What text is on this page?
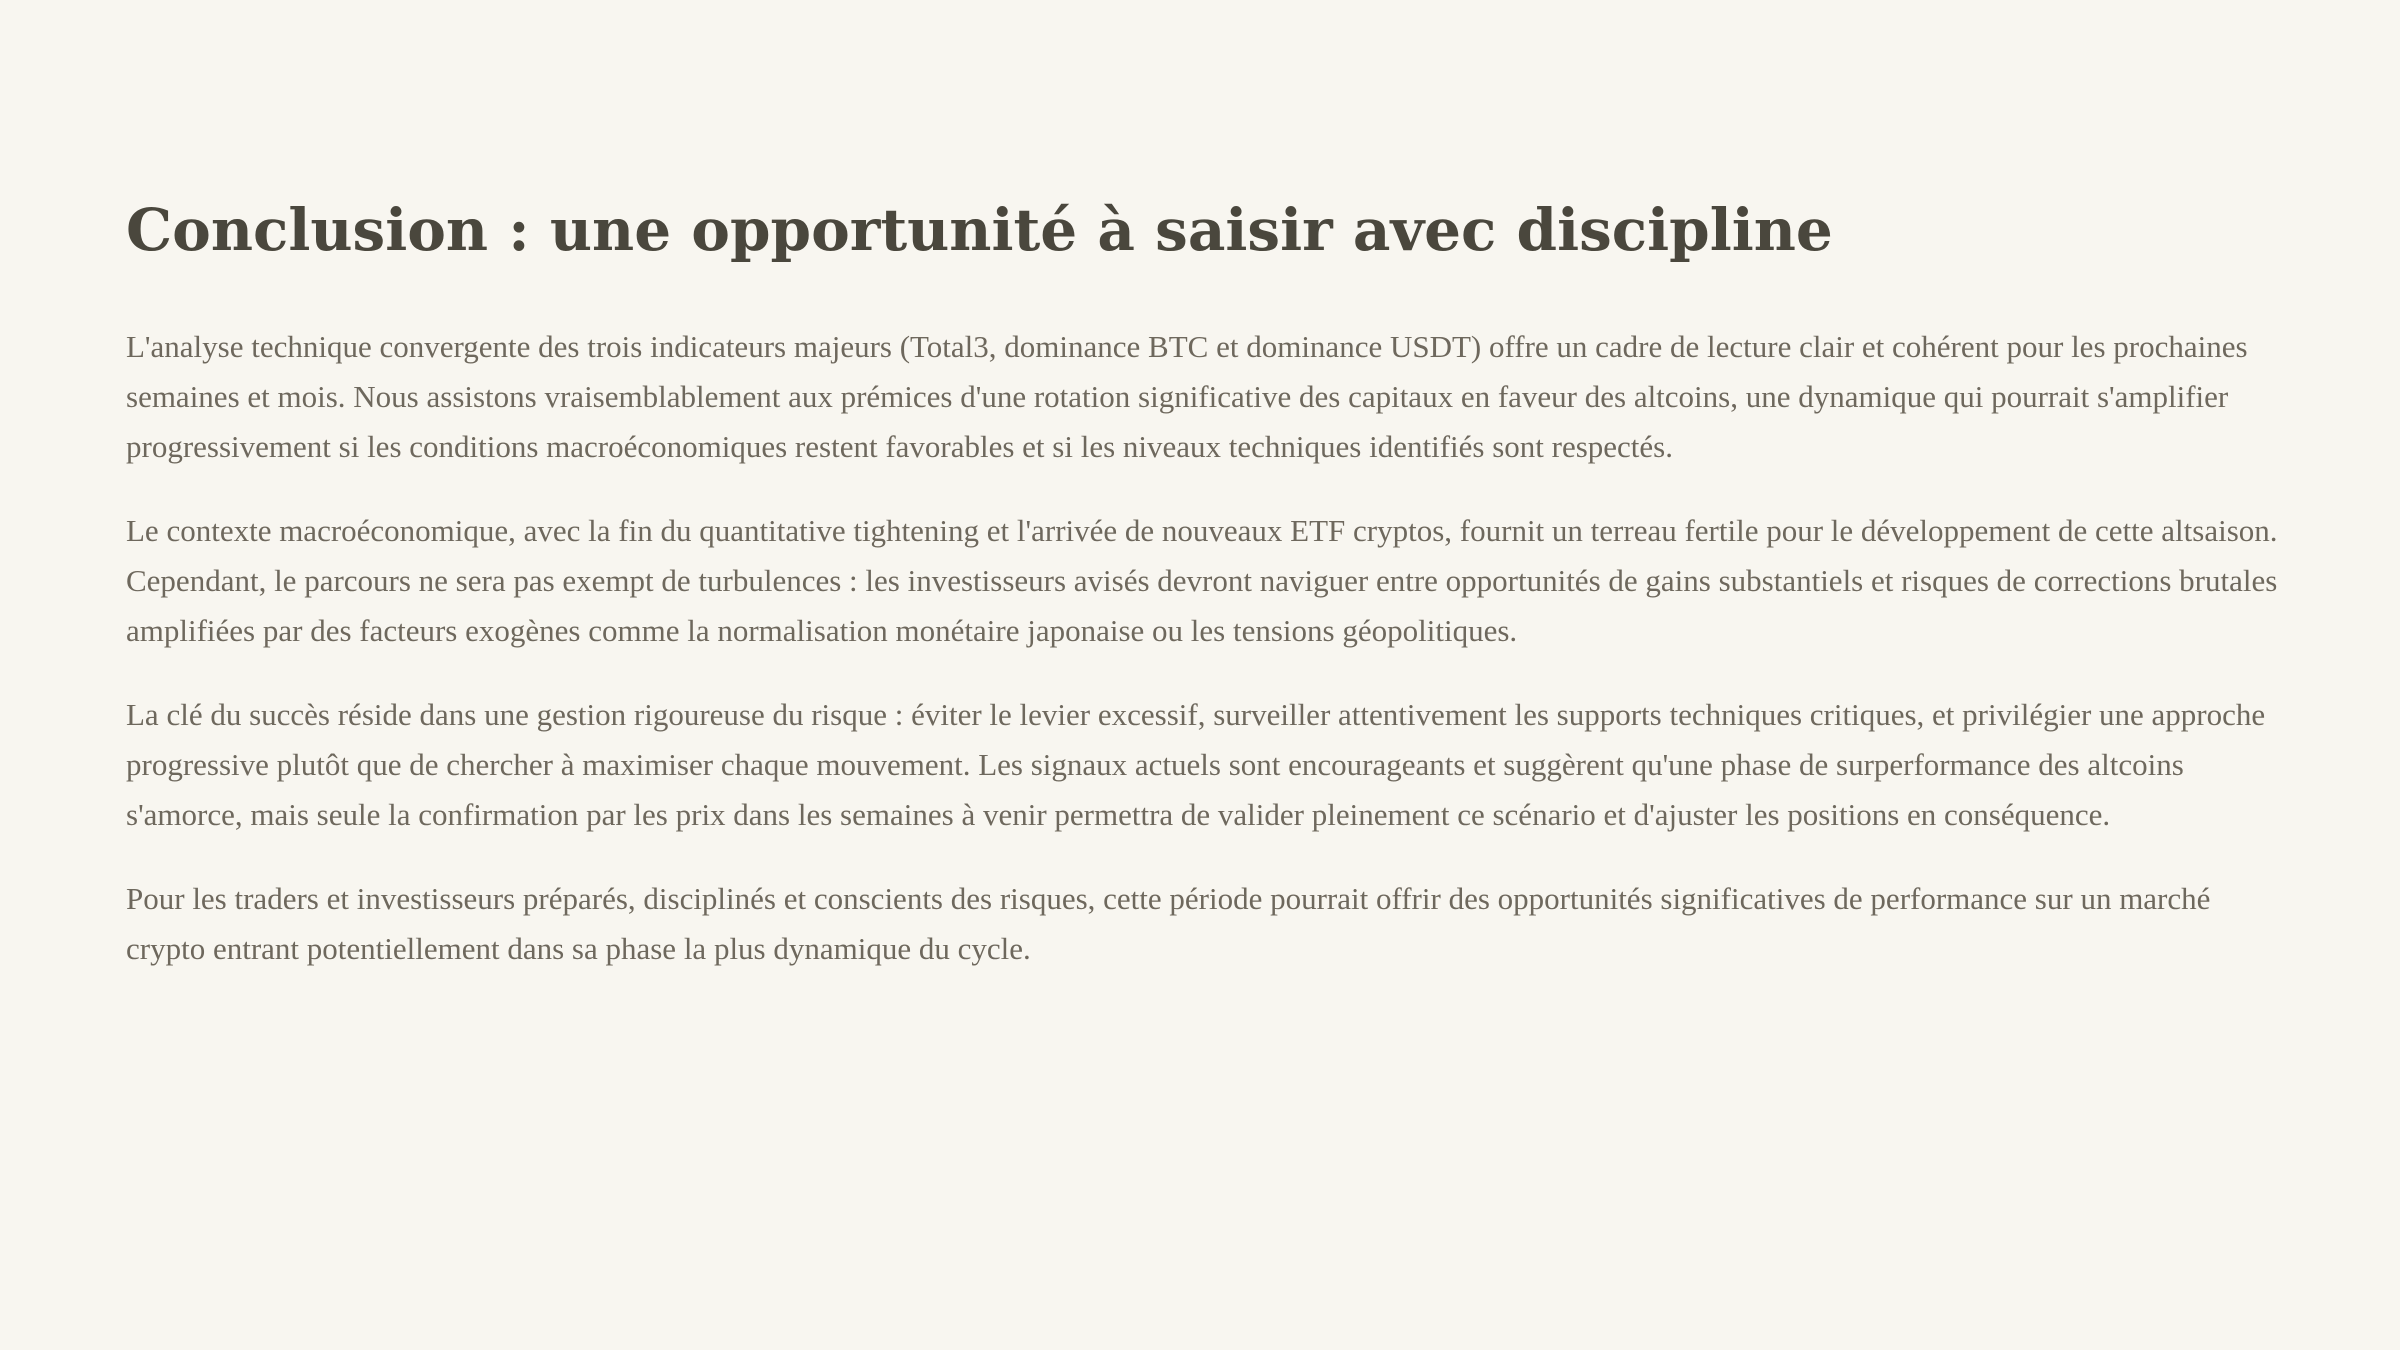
Conclusion : une opportunité à saisir avec discipline

L'analyse technique convergente des trois indicateurs majeurs (Total3, dominance BTC et dominance USDT) offre un cadre de lecture clair et cohérent pour les prochaines semaines et mois. Nous assistons vraisemblablement aux prémices d'une rotation significative des capitaux en faveur des altcoins, une dynamique qui pourrait s'amplifier progressivement si les conditions macroéconomiques restent favorables et si les niveaux techniques identifiés sont respectés.

Le contexte macroéconomique, avec la fin du quantitative tightening et l'arrivée de nouveaux ETF cryptos, fournit un terreau fertile pour le développement de cette altsaison. Cependant, le parcours ne sera pas exempt de turbulences : les investisseurs avisés devront naviguer entre opportunités de gains substantiels et risques de corrections brutales amplifiées par des facteurs exogènes comme la normalisation monétaire japonaise ou les tensions géopolitiques.

La clé du succès réside dans une gestion rigoureuse du risque : éviter le levier excessif, surveiller attentivement les supports techniques critiques, et privilégier une approche progressive plutôt que de chercher à maximiser chaque mouvement. Les signaux actuels sont encourageants et suggèrent qu'une phase de surperformance des altcoins s'amorce, mais seule la confirmation par les prix dans les semaines à venir permettra de valider pleinement ce scénario et d'ajuster les positions en conséquence.

Pour les traders et investisseurs préparés, disciplinés et conscients des risques, cette période pourrait offrir des opportunités significatives de performance sur un marché crypto entrant potentiellement dans sa phase la plus dynamique du cycle.
